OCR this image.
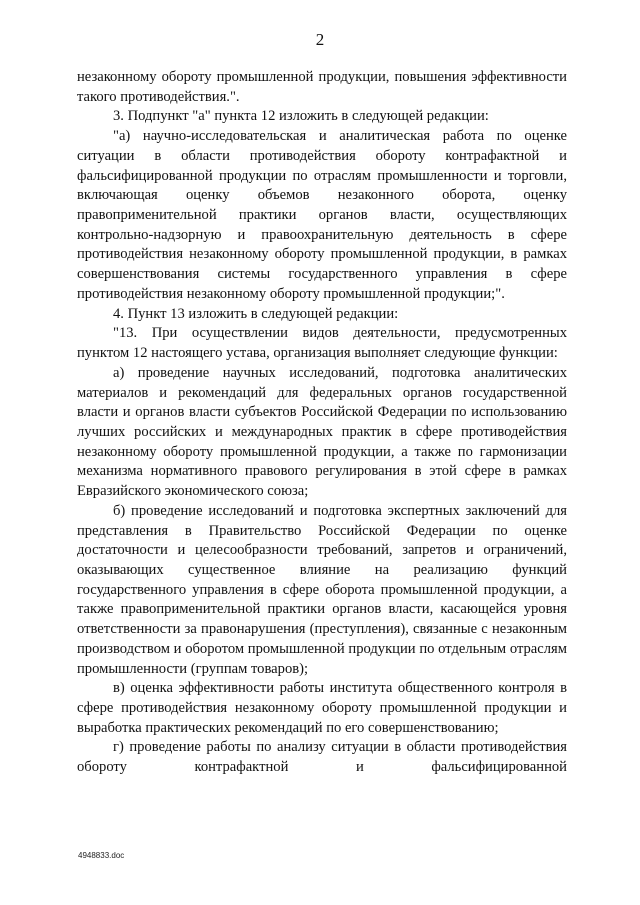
2

незаконному обороту промышленной продукции, повышения эффективности такого противодействия.".

3. Подпункт "а" пункта 12 изложить в следующей редакции:

"а) научно-исследовательская и аналитическая работа по оценке ситуации в области противодействия обороту контрафактной и фальсифицированной продукции по отраслям промышленности и торговли, включающая оценку объемов незаконного оборота, оценку правоприменительной практики органов власти, осуществляющих контрольно-надзорную и правоохранительную деятельность в сфере противодействия незаконному обороту промышленной продукции, в рамках совершенствования системы государственного управления в сфере противодействия незаконному обороту промышленной продукции;".

4. Пункт 13 изложить в следующей редакции:

"13. При осуществлении видов деятельности, предусмотренных пунктом 12 настоящего устава, организация выполняет следующие функции:

а) проведение научных исследований, подготовка аналитических материалов и рекомендаций для федеральных органов государственной власти и органов власти субъектов Российской Федерации по использованию лучших российских и международных практик в сфере противодействия незаконному обороту промышленной продукции, а также по гармонизации механизма нормативного правового регулирования в этой сфере в рамках Евразийского экономического союза;

б) проведение исследований и подготовка экспертных заключений для представления в Правительство Российской Федерации по оценке достаточности и целесообразности требований, запретов и ограничений, оказывающих существенное влияние на реализацию функций государственного управления в сфере оборота промышленной продукции, а также правоприменительной практики органов власти, касающейся уровня ответственности за правонарушения (преступления), связанные с незаконным производством и оборотом промышленной продукции по отдельным отраслям промышленности (группам товаров);

в) оценка эффективности работы института общественного контроля в сфере противодействия незаконному обороту промышленной продукции и выработка практических рекомендаций по его совершенствованию;

г) проведение работы по анализу ситуации в области противодействия обороту контрафактной и фальсифицированной

4948833.doc
